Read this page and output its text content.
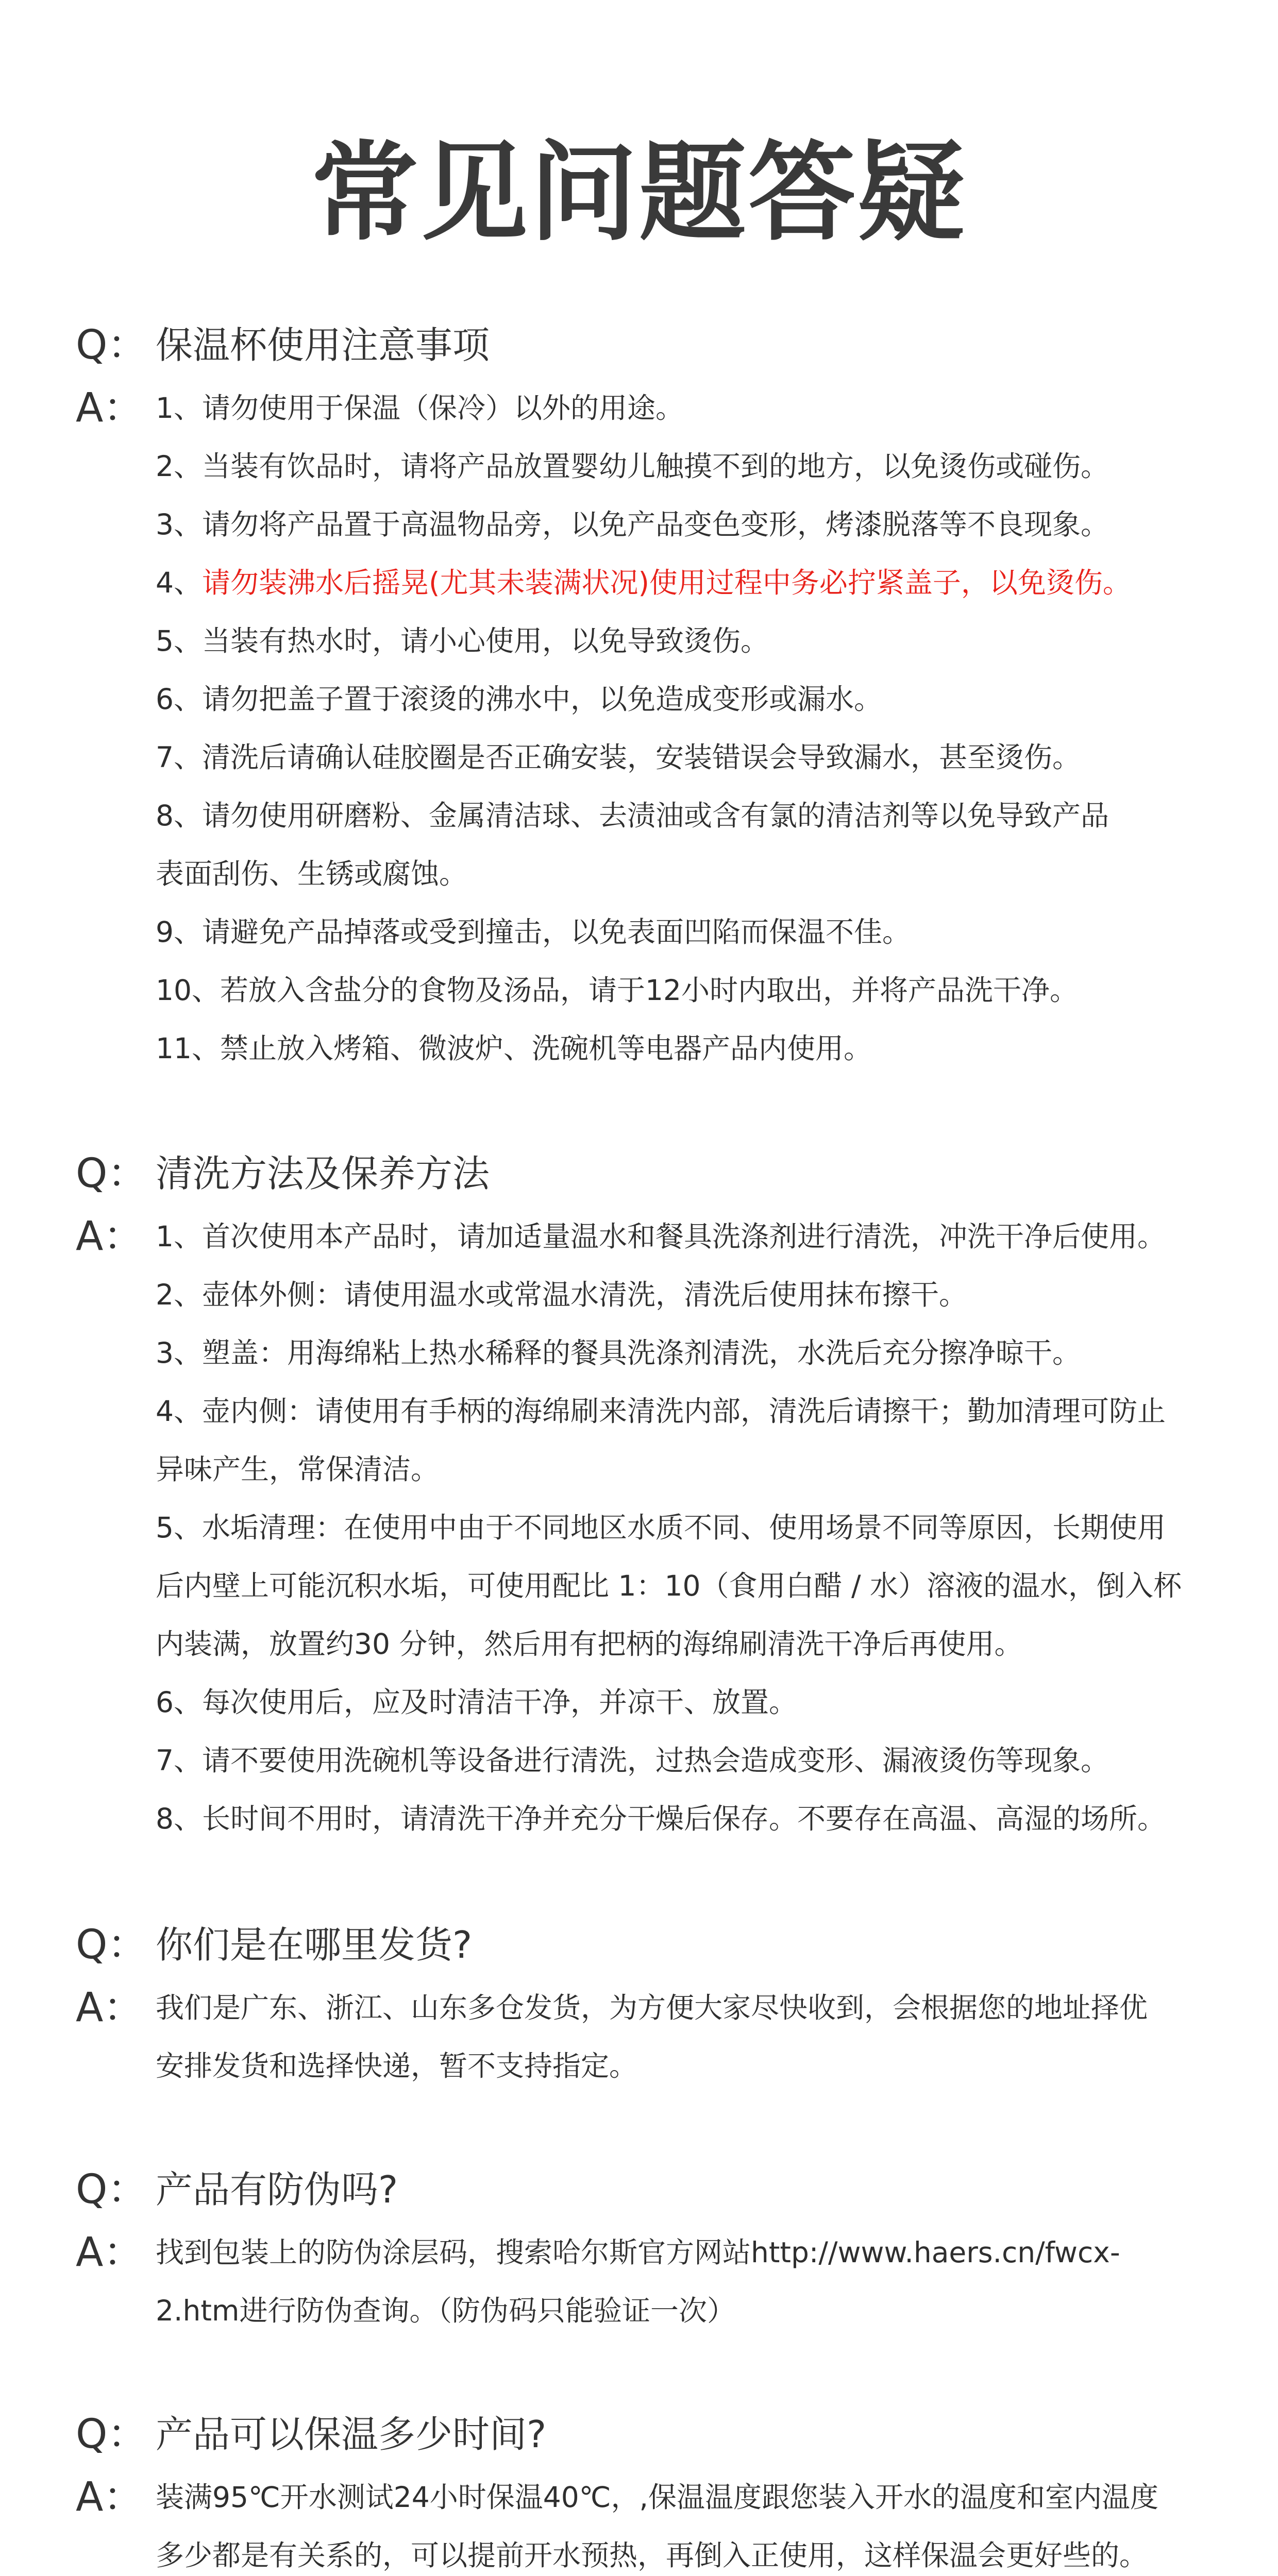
常见问题答疑
Q： 保温杯使用注意事项
A： 1、请勿使用于保温（保冷）以外的用途。
2、当装有饮品时，请将产品放置婴幼儿触摸不到的地方，以免烫伤或碰伤。
3、请勿将产品置于高温物品旁，以免产品变色变形，烤漆脱落等不良现象。
4、请勿装沸水后摇晃(尤其未装满状况)使用过程中务必拧紧盖子，以免烫伤。
5、当装有热水时，请小心使用，以免导致烫伤。
6、请勿把盖子置于滚烫的沸水中，以免造成变形或漏水。
7、清洗后请确认硅胶圈是否正确安装，安装错误会导致漏水，甚至烫伤。
8、请勿使用研磨粉、金属清洁球、去渍油或含有氯的清洁剂等以免导致产品
表面刮伤、生锈或腐蚀。
9、请避免产品掉落或受到撞击，以免表面凹陷而保温不佳。
10、若放入含盐分的食物及汤品，请于12小时内取出，并将产品洗干净。
11、禁止放入烤箱、微波炉、洗碗机等电器产品内使用。
Q： 清洗方法及保养方法
A： 1、首次使用本产品时，请加适量温水和餐具洗涤剂进行清洗，冲洗干净后使用。
2、壶体外侧：请使用温水或常温水清洗，清洗后使用抹布擦干。
3、塑盖：用海绵粘上热水稀释的餐具洗涤剂清洗，水洗后充分擦净晾干。
4、壶内侧：请使用有手柄的海绵刷来清洗内部，清洗后请擦干；勤加清理可防止
异味产生，常保清洁。
5、水垢清理：在使用中由于不同地区水质不同、使用场景不同等原因，长期使用
后内壁上可能沉积水垢，可使用配比 1：10（食用白醋 / 水）溶液的温水，倒入杯
内装满，放置约30 分钟，然后用有把柄的海绵刷清洗干净后再使用。
6、每次使用后，应及时清洁干净，并凉干、放置。
7、请不要使用洗碗机等设备进行清洗，过热会造成变形、漏液烫伤等现象。
8、长时间不用时，请清洗干净并充分干燥后保存。不要存在高温、高湿的场所。
Q： 你们是在哪里发货?
A： 我们是广东、浙江、山东多仓发货，为方便大家尽快收到，会根据您的地址择优
安排发货和选择快递，暂不支持指定。
Q： 产品有防伪吗?
A： 找到包装上的防伪涂层码，搜索哈尔斯官方网站http://www.haers.cn/fwcx-
2.htm进行防伪查询。（防伪码只能验证一次）
Q： 产品可以保温多少时间?
A： 装满95℃开水测试24小时保温40℃，,保温温度跟您装入开水的温度和室内温度
多少都是有关系的，可以提前开水预热，再倒入正使用，这样保温会更好些的。
